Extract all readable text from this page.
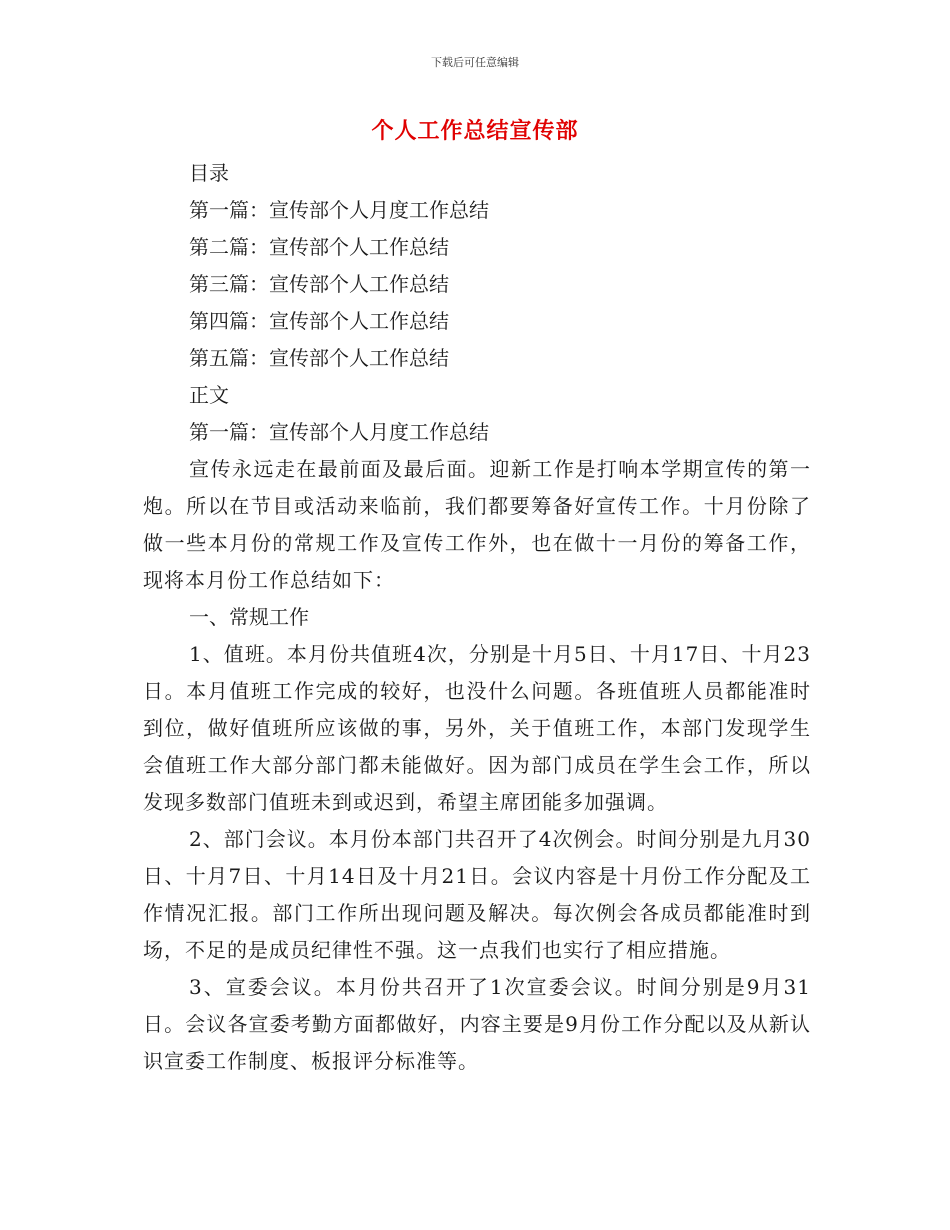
下载后可任意编辑
个人工作总结宣传部
目录
第一篇：宣传部个人月度工作总结
第二篇：宣传部个人工作总结
第三篇：宣传部个人工作总结
第四篇：宣传部个人工作总结
第五篇：宣传部个人工作总结
正文
第一篇：宣传部个人月度工作总结

宣传永远走在最前面及最后面。迎新工作是打响本学期宣传的第一炮。所以在节目或活动来临前，我们都要筹备好宣传工作。十月份除了做一些本月份的常规工作及宣传工作外，也在做十一月份的筹备工作，现将本月份工作总结如下：

一、常规工作

1、值班。本月份共值班4次，分别是十月5日、十月17日、十月23日。本月值班工作完成的较好，也没什么问题。各班值班人员都能准时到位，做好值班所应该做的事，另外，关于值班工作，本部门发现学生会值班工作大部分部门都未能做好。因为部门成员在学生会工作，所以发现多数部门值班未到或迟到，希望主席团能多加强调。

2、部门会议。本月份本部门共召开了4次例会。时间分别是九月30日、十月7日、十月14日及十月21日。会议内容是十月份工作分配及工作情况汇报。部门工作所出现问题及解决。每次例会各成员都能准时到场，不足的是成员纪律性不强。这一点我们也实行了相应措施。

3、宣委会议。本月份共召开了1次宣委会议。时间分别是9月31日。会议各宣委考勤方面都做好，内容主要是9月份工作分配以及从新认识宣委工作制度、板报评分标准等。
